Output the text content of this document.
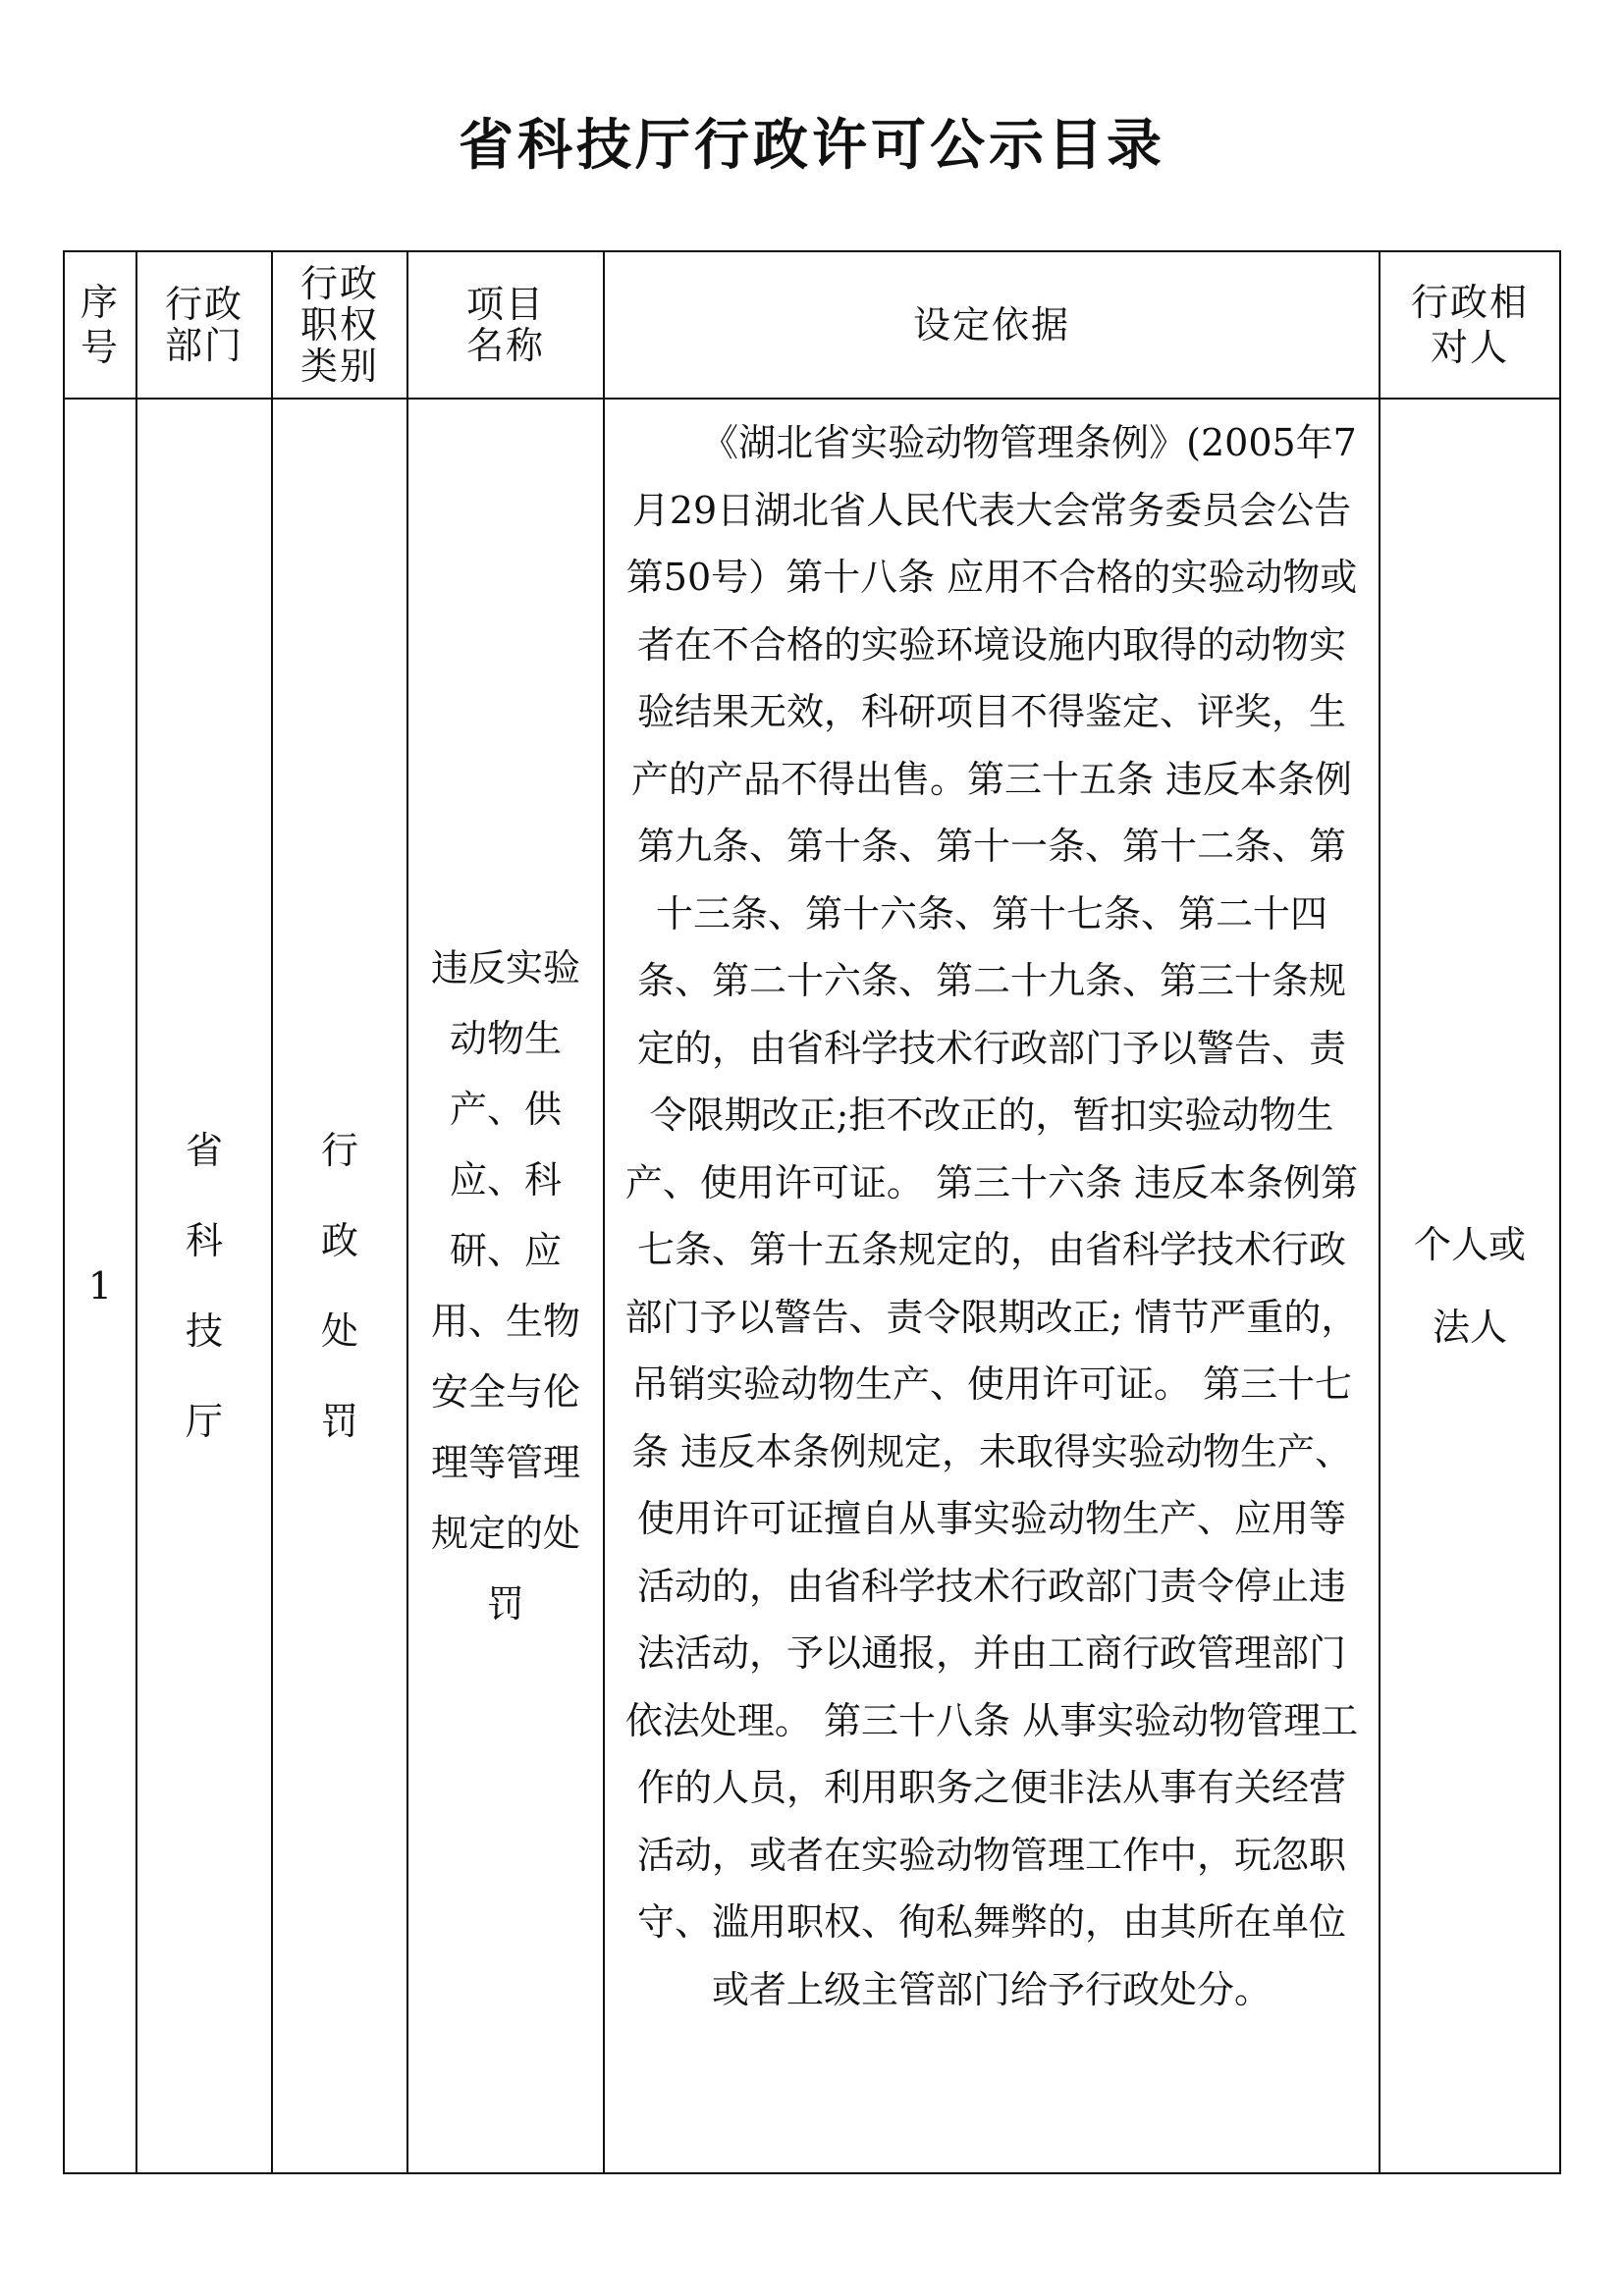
省科技厅行政许可公示目录
序号	行政部门	行政职权类别	项目名称	设定依据	行政相对人
1	省科技厅	行政处罚	违反实验动物生产、供应、科研、应用、生物安全与伦理等管理规定的处罚	《湖北省实验动物管理条例》(2005年7月29日湖北省人民代表大会常务委员会公告第50号）第十八条 应用不合格的实验动物或者在不合格的实验环境设施内取得的动物实验结果无效，科研项目不得鉴定、评奖，生产的产品不得出售。第三十五条 违反本条例第九条、第十条、第十一条、第十二条、第十三条、第十六条、第十七条、第二十四条、第二十六条、第二十九条、第三十条规定的，由省科学技术行政部门予以警告、责令限期改正;拒不改正的，暂扣实验动物生产、使用许可证。 第三十六条 违反本条例第七条、第十五条规定的，由省科学技术行政部门予以警告、责令限期改正; 情节严重的，吊销实验动物生产、使用许可证。 第三十七条 违反本条例规定，未取得实验动物生产、使用许可证擅自从事实验动物生产、应用等活动的，由省科学技术行政部门责令停止违法活动，予以通报，并由工商行政管理部门依法处理。 第三十八条 从事实验动物管理工作的人员，利用职务之便非法从事有关经营活动，或者在实验动物管理工作中，玩忽职守、滥用职权、徇私舞弊的，由其所在单位或者上级主管部门给予行政处分。	个人或法人
